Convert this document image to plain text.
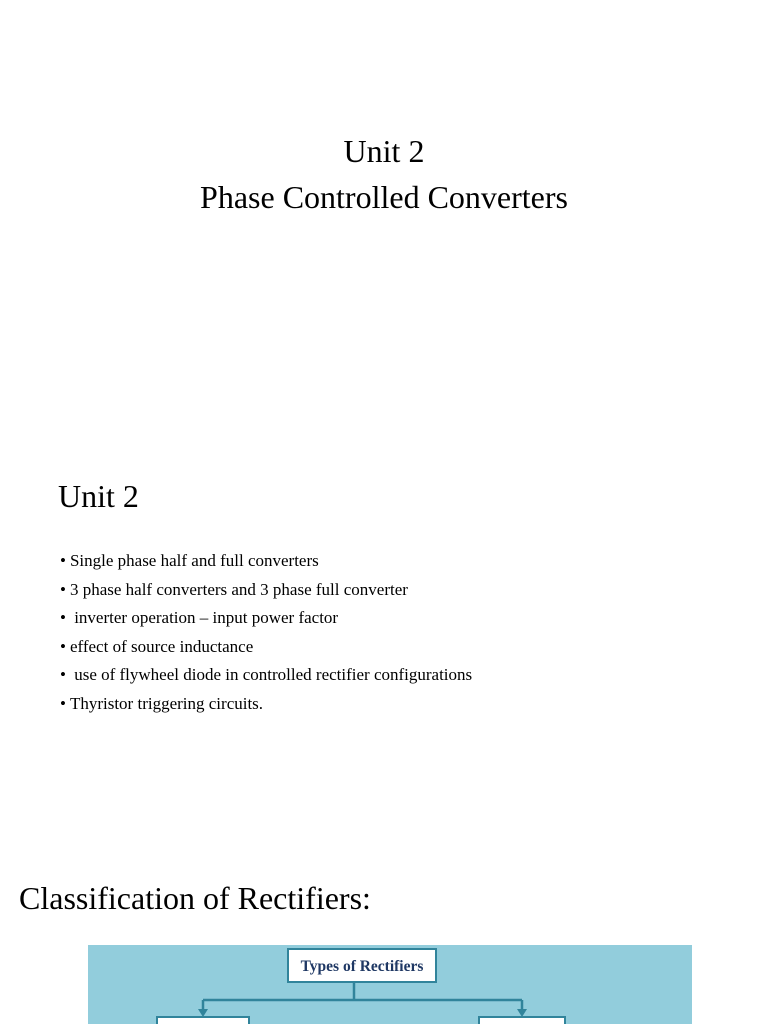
Unit 2
Phase Controlled Converters
Unit 2
• Single phase half and full converters
• 3 phase half converters and 3 phase full converter
• inverter operation – input power factor
• effect of source inductance
• use of flywheel diode in controlled rectifier configurations
• Thyristor triggering circuits.
Classification of Rectifiers:
Types of Rectifiers
